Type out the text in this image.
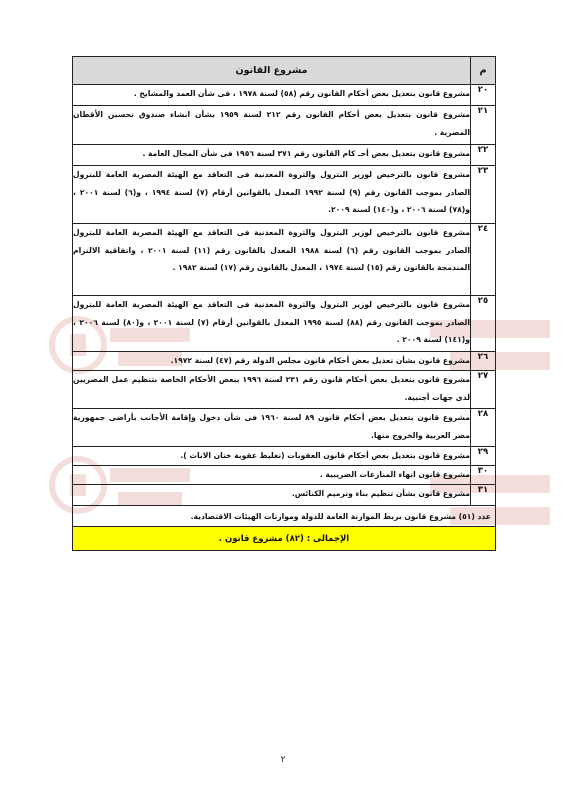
م	مشروع القانون
٢٠	مشروع قانون بتعديل بعض أحكام القانون رقم (٥٨) لسنة ١٩٧٨ ، فى شأن العمد والمشايخ .
٢١	مشروع قانون بتعديل بعض أحكام القانون رقم ٢١٢ لسنة ١٩٥٩ بشأن انشاء صندوق تحسين الأقطان المصرية .
٢٢	مشروع قانون بتعديل بعض أحـ كام القانون رقم ٣٧١ لسنة ١٩٥٦ فى شأن المحال العامة .
٢٣	مشروع قانون بالترخيص لوزير البترول والثروة المعدنية فى التعاقد مع الهيئة المصرية العامة للبترول الصادر بموجب القانون رقم (٩) لسنة ١٩٩٢ المعدل بالقوانين أرقام (٧) لسنة ١٩٩٤ ، و(٦) لسنة ٢٠٠١ ، و(٧٨) لسنة ٢٠٠٦ ، و(١٤٠) لسنة ٢٠٠٩.
٢٤	مشروع قانون بالترخيص لوزير البترول والثروة المعدنية فى التعاقد مع الهيئة المصرية العامة للبترول الصادر بموجب القانون رقم (٦) لسنة ١٩٨٨ المعدل بالقانون رقم (١١) لسنة ٢٠٠١ ، واتفاقية الالتزام المندمجة بالقانون رقم (١٥) لسنة ١٩٧٤ ، المعدل بالقانون رقم (١٧) لسنة ١٩٨٢ .
٢٥	مشروع قانون بالترخيص لوزير البترول والثروة المعدنية فى التعاقد مع الهيئة المصرية العامة للبترول الصادر بموجب القانون رقم (٨٨) لسنة ١٩٩٥ المعدل بالقوانين أرقام (٧) لسنة ٢٠٠١ ، و(٨٠) لسنة ٢٠٠٦ ، و(١٤١) لسنة ٢٠٠٩ .
٢٦	مشروع قانون بشأن تعديل بعض أحكام قانون مجلس الدولة رقم (٤٧) لسنة ١٩٧٢.
٢٧	مشروع قانون بتعديل بعض أحكام قانون رقم ٢٣١ لسنة ١٩٩٦ ببعض الأحكام الخاصة بتنظيم عمل المصريين لدى جهات أجنبية.
٢٨	مشروع قانون بتعديل بعض أحكام قانون ٨٩ لسنة ١٩٦٠ فى شأن دخول وإقامة الأجانب بأراضى جمهورية مصر العربية والخروج منها.
٢٩	مشروع قانون بتعديل بعض أحكام قانون العقوبات (تغليظ عقوبة ختان الاناث ).
٣٠	مشروع قانون انهاء المنازعات الضريبية .
٣١	مشروع قانون بشأن تنظيم بناء وترميم الكنائس.
عدد (٥١) مشروع قانون بربط الموازنة العامة للدولة وموازنات الهيئات الاقتصادية.	
الإجمالى : (٨٢) مشروع قانون .	
٢
